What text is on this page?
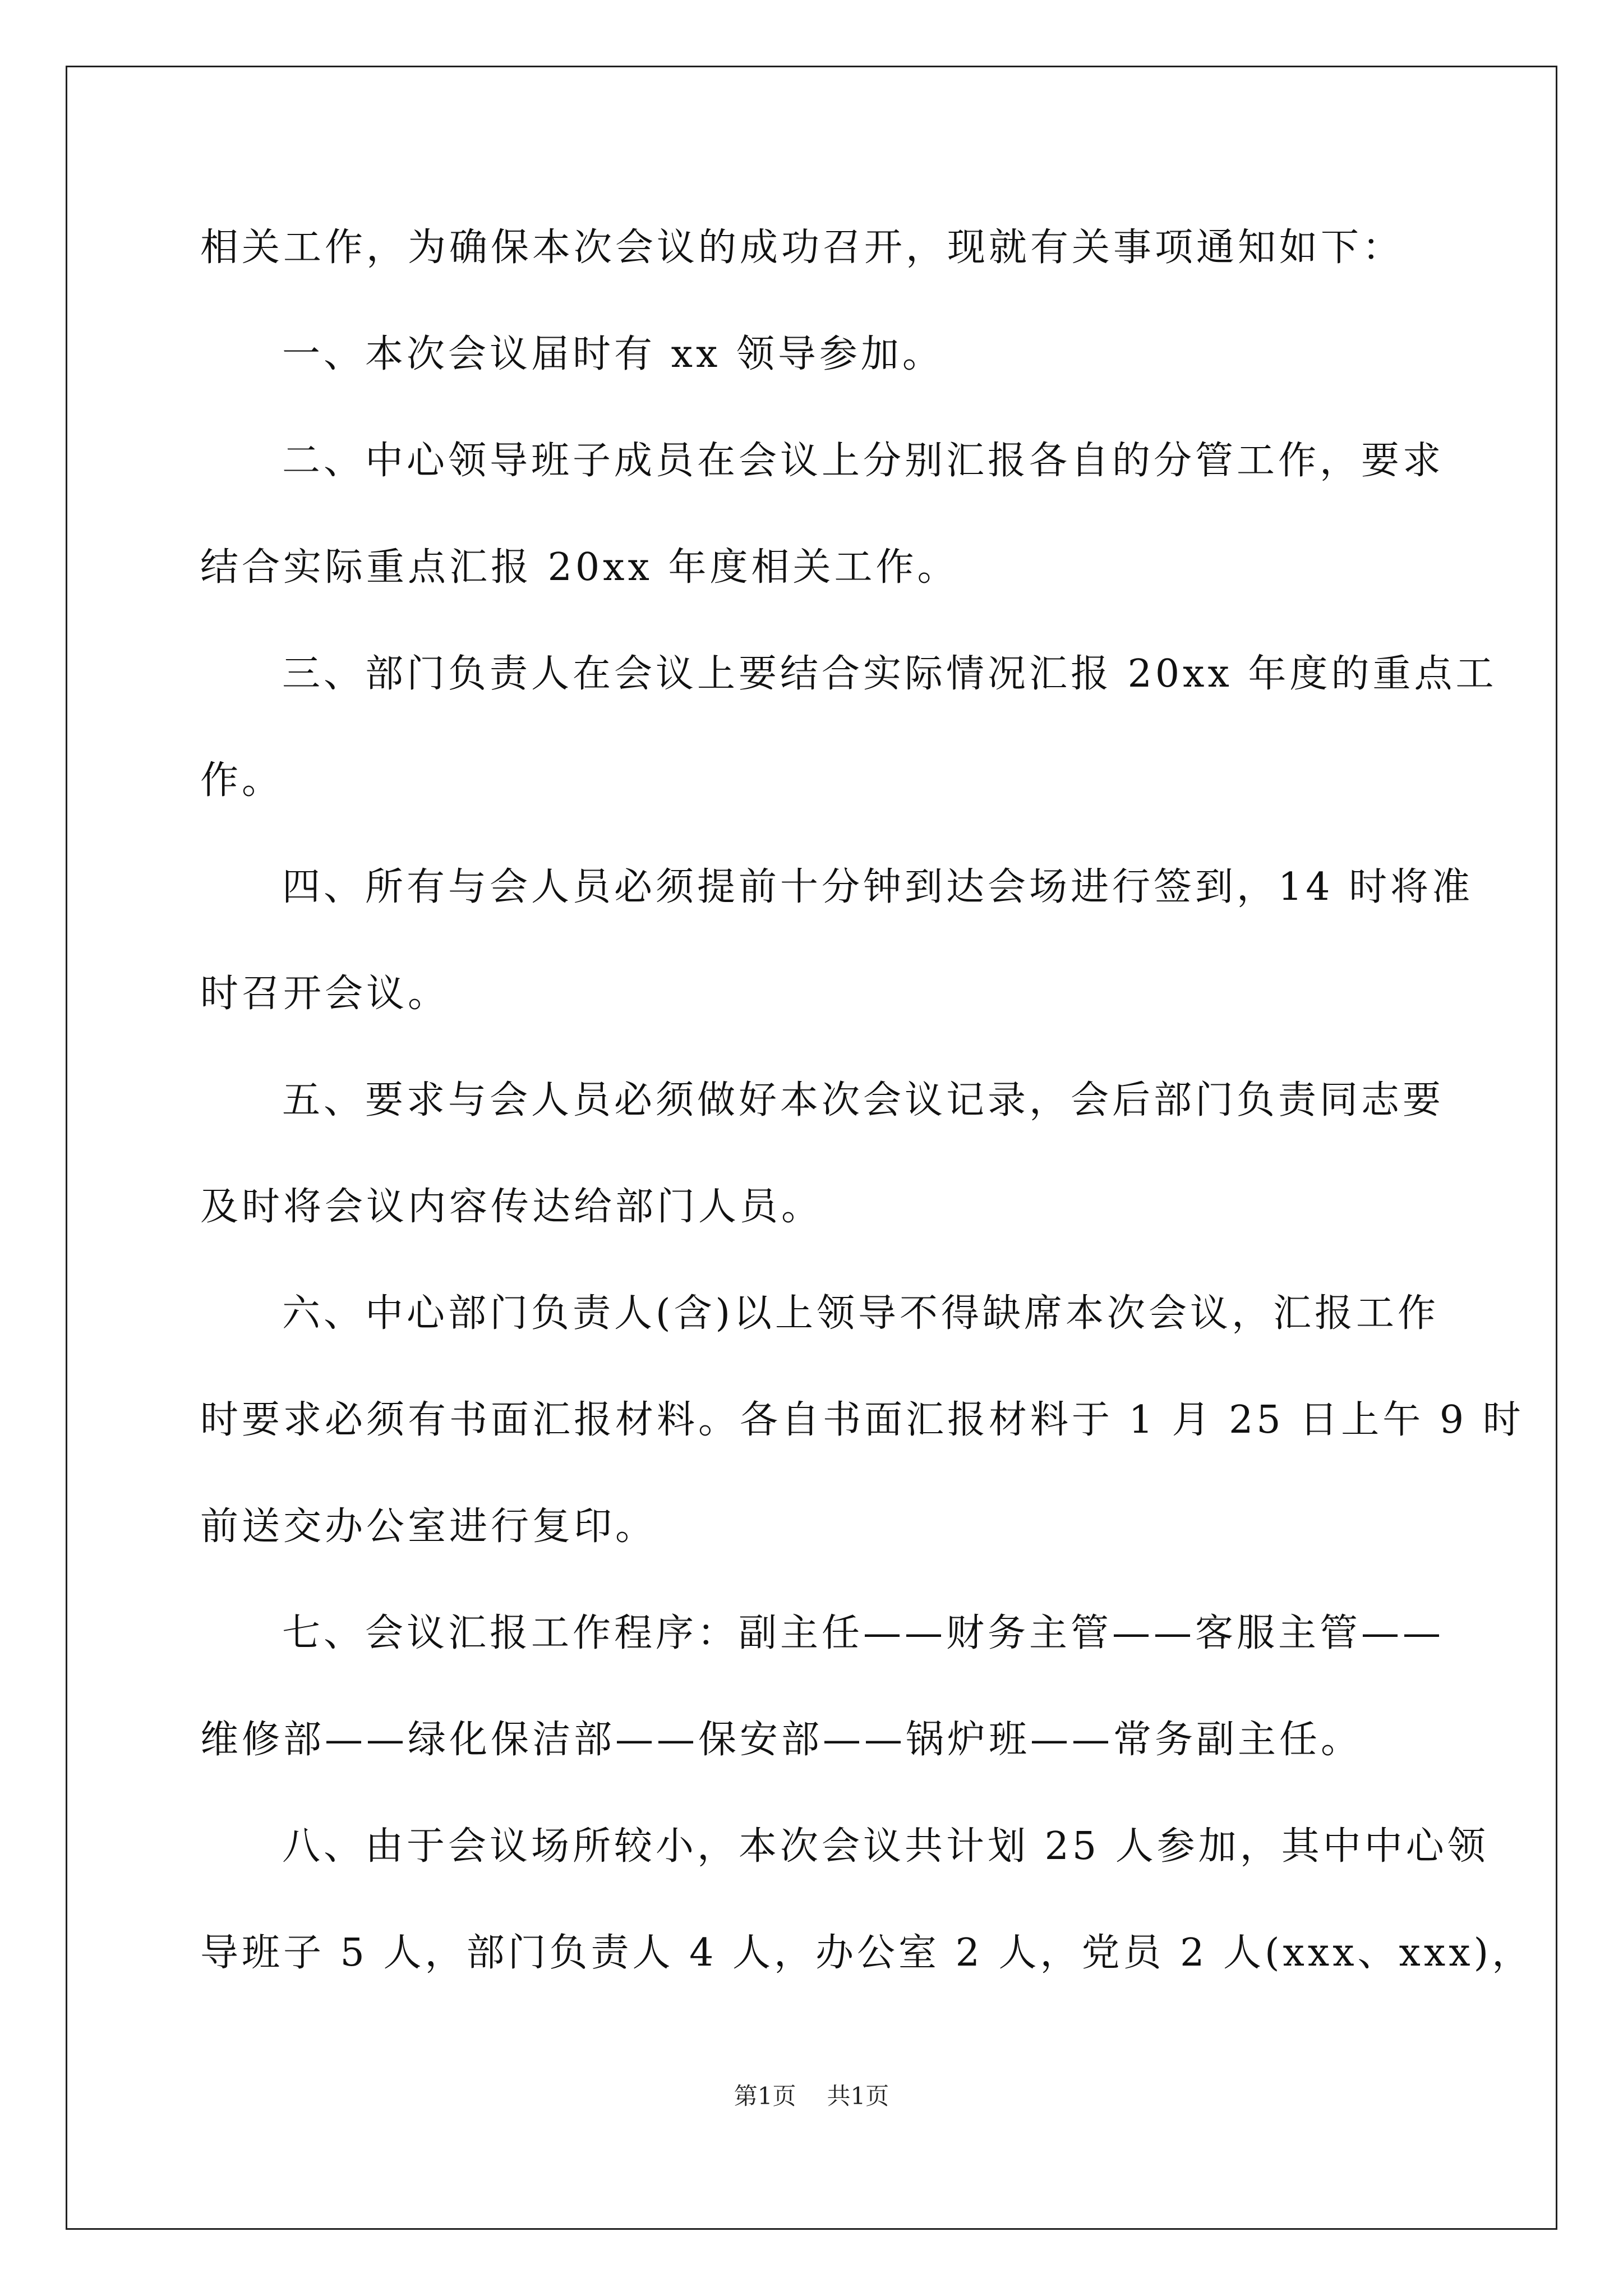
相关工作，为确保本次会议的成功召开，现就有关事项通知如下：
一、本次会议届时有 xx 领导参加。
二、中心领导班子成员在会议上分别汇报各自的分管工作，要求
结合实际重点汇报 20xx 年度相关工作。
三、部门负责人在会议上要结合实际情况汇报 20xx 年度的重点工
作。
四、所有与会人员必须提前十分钟到达会场进行签到，14 时将准
时召开会议。
五、要求与会人员必须做好本次会议记录，会后部门负责同志要
及时将会议内容传达给部门人员。
六、中心部门负责人(含)以上领导不得缺席本次会议，汇报工作
时要求必须有书面汇报材料。各自书面汇报材料于 1 月 25 日上午 9 时
前送交办公室进行复印。
七、会议汇报工作程序：副主任——财务主管——客服主管——
维修部——绿化保洁部——保安部——锅炉班——常务副主任。
八、由于会议场所较小，本次会议共计划 25 人参加，其中中心领
导班子 5 人，部门负责人 4 人，办公室 2 人，党员 2 人(xxx、xxx)，
第1页 共1页
